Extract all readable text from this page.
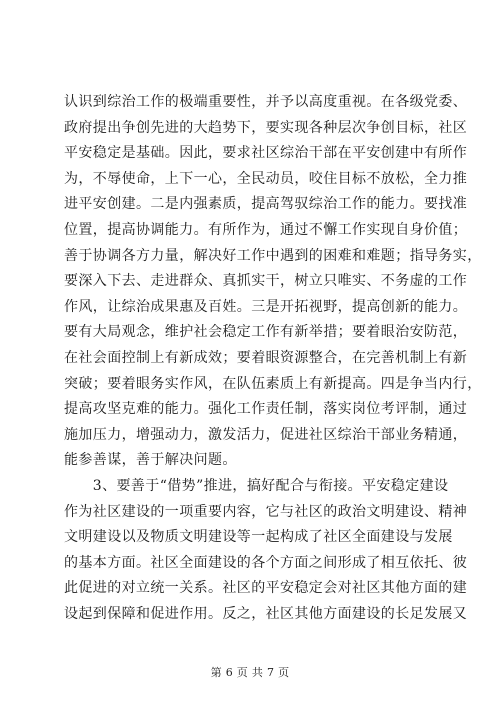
认识到综治工作的极端重要性，并予以高度重视。在各级党委、
政府提出争创先进的大趋势下，要实现各种层次争创目标，社区
平安稳定是基础。因此，要求社区综治干部在平安创建中有所作
为，不辱使命，上下一心，全民动员，咬住目标不放松，全力推
进平安创建。二是内强素质，提高驾驭综治工作的能力。要找准
位置，提高协调能力。有所作为，通过不懈工作实现自身价值；
善于协调各方力量，解决好工作中遇到的困难和难题；指导务实，
要深入下去、走进群众、真抓实干，树立只唯实、不务虚的工作
作风，让综治成果惠及百姓。三是开拓视野，提高创新的能力。
要有大局观念，维护社会稳定工作有新举措；要着眼治安防范，
在社会面控制上有新成效；要着眼资源整合，在完善机制上有新
突破；要着眼务实作风，在队伍素质上有新提高。四是争当内行，
提高攻坚克难的能力。强化工作责任制，落实岗位考评制，通过
施加压力，增强动力，激发活力，促进社区综治干部业务精通，
能参善谋，善于解决问题。
　　3、要善于“借势”推进，搞好配合与衔接。平安稳定建设
作为社区建设的一项重要内容，它与社区的政治文明建设、精神
文明建设以及物质文明建设等一起构成了社区全面建设与发展
的基本方面。社区全面建设的各个方面之间形成了相互依托、彼
此促进的对立统一关系。社区的平安稳定会对社区其他方面的建
设起到保障和促进作用。反之，社区其他方面建设的长足发展又
第 6 页 共 7 页
